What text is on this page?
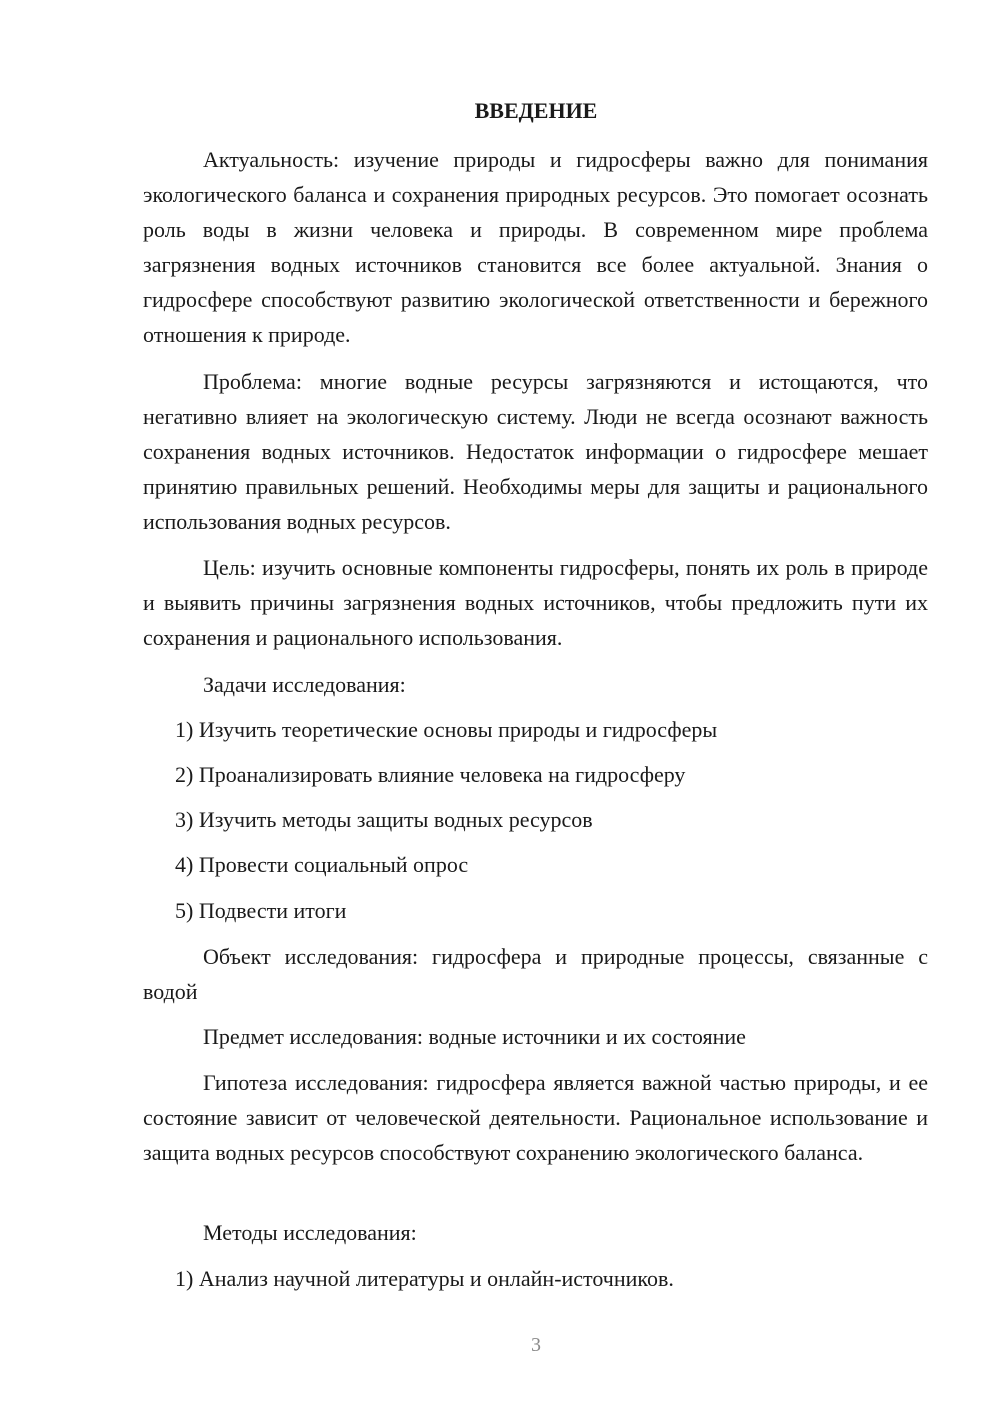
ВВЕДЕНИЕ

Актуальность: изучение природы и гидросферы важно для понимания экологического баланса и сохранения природных ресурсов. Это помогает осознать роль воды в жизни человека и природы. В современном мире проблема загрязнения водных источников становится все более актуальной. Знания о гидросфере способствуют развитию экологической ответственности и бережного отношения к природе.

Проблема: многие водные ресурсы загрязняются и истощаются, что негативно влияет на экологическую систему. Люди не всегда осознают важность сохранения водных источников. Недостаток информации о гидросфере мешает принятию правильных решений. Необходимы меры для защиты и рационального использования водных ресурсов.

Цель: изучить основные компоненты гидросферы, понять их роль в природе и выявить причины загрязнения водных источников, чтобы предложить пути их сохранения и рационального использования.

Задачи исследования:

1) Изучить теоретические основы природы и гидросферы

2) Проанализировать влияние человека на гидросферу

3) Изучить методы защиты водных ресурсов

4) Провести социальный опрос

5) Подвести итоги

Объект исследования: гидросфера и природные процессы, связанные с водой

Предмет исследования: водные источники и их состояние

Гипотеза исследования: гидросфера является важной частью природы, и ее состояние зависит от человеческой деятельности. Рациональное использование и защита водных ресурсов способствуют сохранению экологического баланса.

Методы исследования:

1) Анализ научной литературы и онлайн-источников.

3
